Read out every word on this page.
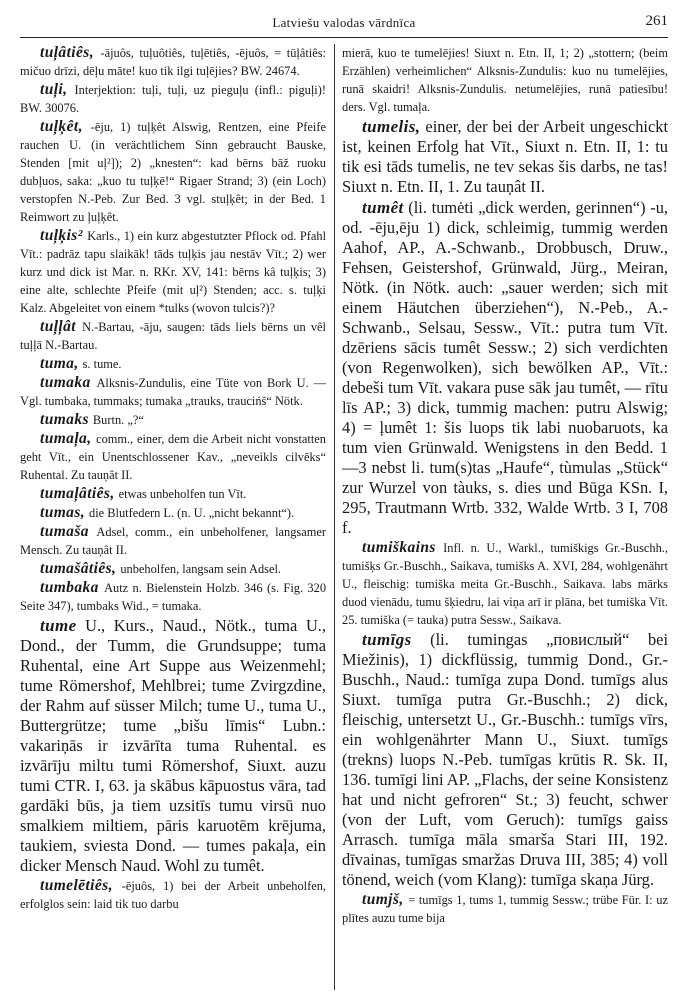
Latviešu valodas vārdnīca	261

tuļâtiês, -ājuôs, tuļuôtiês, tuļētiês, -ējuôs, = tūļâtiês: mičuo drīzi, dēļu māte! kuo tik ilgi tuļējies? BW. 24674.

tuļi, Interjektion: tuļi, tuļi, uz pieguļu (infl.: piguļi)! BW. 30076.

tuļķêt, -ēju, 1) tuļķêt Alswig, Rentzen, eine Pfeife rauchen U. (in verächtlichem Sinn gebraucht Bauske, Stenden [mit uļ²]); 2) „knesten“: kad bērns bāž ruoku dubļuos, saka: „kuo tu tuļķē!“ Rigaer Strand; 3) (ein Loch) verstopfen N.-Peb. Zur Bed. 3 vgl. stuļķêt; in der Bed. 1 Reimwort zu ļuļķêt.

tuļķis² Karls., 1) ein kurz abgestutzter Pflock od. Pfahl Vīt.: padrāz tapu slaikāk! tāds tuļķis jau nestāv Vīt.; 2) wer kurz und dick ist Mar. n. RKr. XV, 141: bērns kâ tuļķis; 3) eine alte, schlechte Pfeife (mit uļ²) Stenden; acc. s. tuļķi Kalz. Abgeleitet von einem *tulks (wovon tulcis?)?

tuļļât N.-Bartau, -āju, saugen: tāds liels bērns un vêl tuļļā N.-Bartau.

tuma, s. tume.

tumaka Alksnis-Zundulis, eine Tüte von Bork U. — Vgl. tumbaka, tummaks; tumaka „trauks, traucińš“ Nötk.

tumaks Burtn. „?“

tumaļa, comm., einer, dem die Arbeit nicht vonstatten geht Vīt., ein Unentschlossener Kav., „neveikls cilvēks“ Ruhental. Zu tauņât II.

tumaļâtiês, etwas unbeholfen tun Vīt.

tumas, die Blutfedern L. (n. U. „nicht bekannt“).

tumaša Adsel, comm., ein unbeholfener, langsamer Mensch. Zu tauņât II.

tumašâtiês, unbeholfen, langsam sein Adsel.

tumbaka Autz n. Bielenstein Holzb. 346 (s. Fig. 320 Seite 347), tumbaks Wid., = tumaka.

tume U., Kurs., Naud., Nötk., tuma U., Dond., der Tumm, die Grundsuppe; tuma Ruhental, eine Art Suppe aus Weizenmehl; tume Römershof, Mehlbrei; tume Zvirgzdine, der Rahm auf süsser Milch; tume U., tuma U., Buttergrütze; tume „bišu līmis“ Lubn.: vakariņās ir izvārīta tuma Ruhental. es izvārīju miltu tumi Römershof, Siuxt. auzu tumi CTR. I, 63. ja skābus kāpuostus vāra, tad gardāki būs, ja tiem uzsitīs tumu virsū nuo smalkiem miltiem, pāris karuotēm krējuma, taukiem, sviesta Dond. — tumes pakaļa, ein dicker Mensch Naud. Wohl zu tumêt.

tumelētiês, -ējuôs, 1) bei der Arbeit unbeholfen, erfolglos sein: laid tik tuo darbu

mierā, kuo te tumelējies! Siuxt n. Etn. II, 1; 2) „stottern; (beim Erzählen) verheimlichen“ Alksnis-Zundulis: kuo nu tumelējies, runā skaidri! Alksnis-Zundulis. netumelējies, runā patiesību! ders. Vgl. tumaļa.

tumelis, einer, der bei der Arbeit ungeschickt ist, keinen Erfolg hat Vīt., Siuxt n. Etn. II, 1: tu tik esi tāds tumelis, ne tev sekas šis darbs, ne tas! Siuxt n. Etn. II, 1. Zu tauņât II.

tumêt (li. tumėti „dick werden, gerinnen“) -u, od. -ēju,ēju 1) dick, schleimig, tummig werden Aahof, AP., A.-Schwanb., Drobbusch, Druw., Fehsen, Geistershof, Grünwald, Jürg., Meiran, Nötk. (in Nötk. auch: „sauer werden; sich mit einem Häutchen überziehen“), N.-Peb., A.-Schwanb., Selsau, Sessw., Vīt.: putra tum Vīt. dzēriens sācis tumêt Sessw.; 2) sich verdichten (von Regenwolken), sich bewölken AP., Vīt.: debeši tum Vīt. vakara puse sāk jau tumêt, — rītu līs AP.; 3) dick, tummig machen: putru Alswig; 4) = ļumêt 1: šis luops tik labi nuobaruots, ka tum vien Grünwald. Wenigstens in den Bedd. 1—3 nebst li. tum(s)tas „Haufe“, tùmulas „Stück“ zur Wurzel von tàuks, s. dies und Būga KSn. I, 295, Trautmann Wrtb. 332, Walde Wrtb. 3 I, 708 f.

tumiškains Infl. n. U., Warkl., tumiškigs Gr.-Buschh., tumišķs Gr.-Buschh., Saikava, tumišks A. XVI, 284, wohlgenährt U., fleischig: tumiška meita Gr.-Buschh., Saikava. labs mārks duod vienādu, tumu šķiedru, lai viņa arī ir plāna, bet tumiška Vīt. 25. tumiška (= tauka) putra Sessw., Saikava.

tumīgs (li. tumingas „повислый“ bei Miežinis), 1) dickflüssig, tummig Dond., Gr.-Buschh., Naud.: tumīga zupa Dond. tumīgs alus Siuxt. tumīga putra Gr.-Buschh.; 2) dick, fleischig, untersetzt U., Gr.-Buschh.: tumīgs vīrs, ein wohlgenährter Mann U., Siuxt. tumīgs (trekns) luops N.-Peb. tumīgas krūtis R. Sk. II, 136. tumīgi lini AP. „Flachs, der seine Konsistenz hat und nicht gefroren“ St.; 3) feucht, schwer (von der Luft, vom Geruch): tumīgs gaiss Arrasch. tumīga māla smarša Stari III, 192. dīvainas, tumīgas smaržas Druva III, 385; 4) voll tönend, weich (vom Klang): tumīga skaņa Jürg.

tumjš, = tumīgs 1, tums 1, tummig Sessw.; trübe Für. I: uz plītes auzu tume bija
